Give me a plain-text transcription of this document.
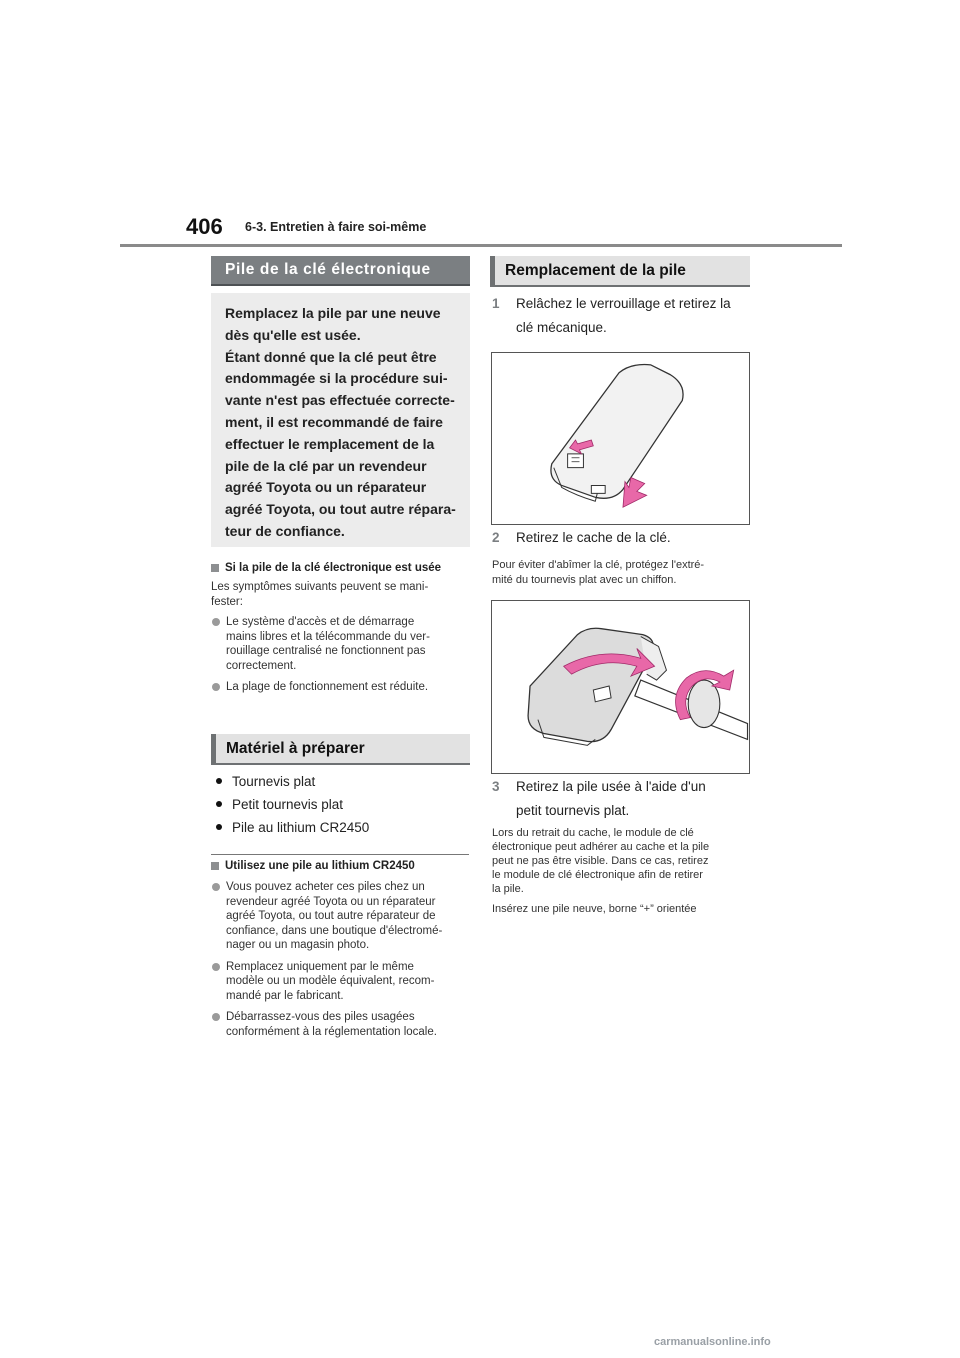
406 6-3. Entretien à faire soi-même
Pile de la clé électronique
Remplacez la pile par une neuve
dès qu'elle est usée.
Étant donné que la clé peut être
endommagée si la procédure sui-
vante n'est pas effectuée correcte-
ment, il est recommandé de faire
effectuer le remplacement de la
pile de la clé par un revendeur
agréé Toyota ou un réparateur
agréé Toyota, ou tout autre répara-
teur de confiance.
Si la pile de la clé électronique est usée
Les symptômes suivants peuvent se mani-
fester:
Le système d'accès et de démarrage
mains libres et la télécommande du ver-
rouillage centralisé ne fonctionnent pas
correctement.
La plage de fonctionnement est réduite.
Matériel à préparer
Tournevis plat
Petit tournevis plat
Pile au lithium CR2450
Utilisez une pile au lithium CR2450
Vous pouvez acheter ces piles chez un
revendeur agréé Toyota ou un réparateur
agréé Toyota, ou tout autre réparateur de
confiance, dans une boutique d'électromé-
nager ou un magasin photo.
Remplacez uniquement par le même
modèle ou un modèle équivalent, recom-
mandé par le fabricant.
Débarrassez-vous des piles usagées
conformément à la réglementation locale.
Remplacement de la pile
1	Relâchez le verrouillage et retirez la
clé mécanique.
2	Retirez le cache de la clé.
Pour éviter d'abîmer la clé, protégez l'extré-
mité du tournevis plat avec un chiffon.
3	Retirez la pile usée à l'aide d'un
petit tournevis plat.
Lors du retrait du cache, le module de clé
électronique peut adhérer au cache et la pile
peut ne pas être visible. Dans ce cas, retirez
le module de clé électronique afin de retirer
la pile.
Insérez une pile neuve, borne “+” orientée
carmanualsonline.info
